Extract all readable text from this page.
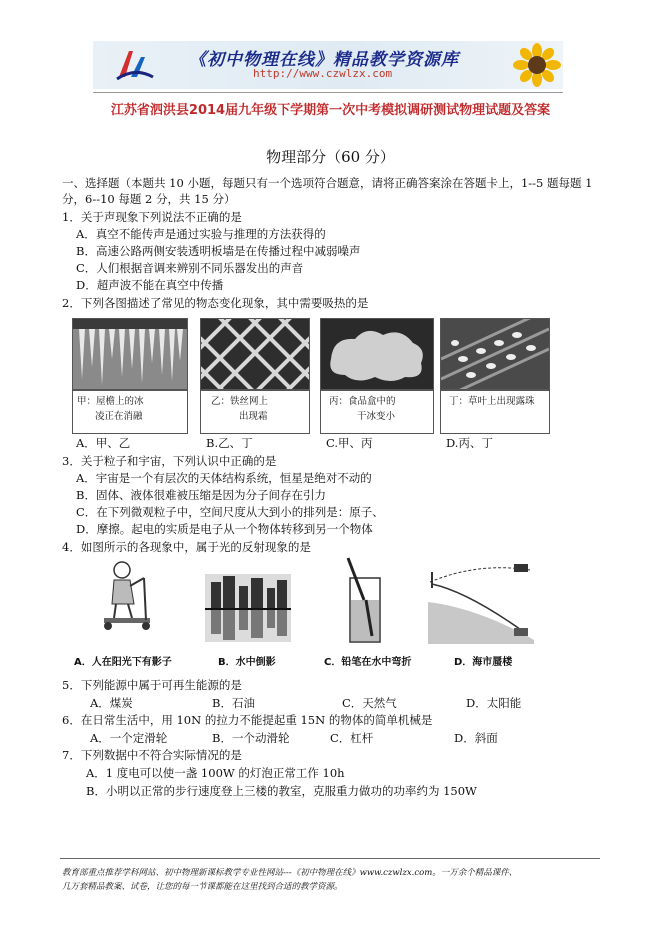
《初中物理在线》精品教学资源库
http://www.czwlzx.com
江苏省泗洪县2014届九年级下学期第一次中考模拟调研测试物理试题及答案
物理部分（60 分）
一、选择题（本题共 10 小题，每题只有一个选项符合题意，请将正确答案涂在答题卡上，1--5 题每题 1
分，6--10 每题 2 分，共 15 分）
1．关于声现象下列说法不正确的是
A．真空不能传声是通过实验与推理的方法获得的
B．高速公路两侧安装透明板墙是在传播过程中减弱噪声
C．人们根据音调来辨别不同乐器发出的声音
D．超声波不能在真空中传播
2．下列各图描述了常见的物态变化现象，其中需要吸热的是
甲：屋檐上的冰
凌正在消融
乙：铁丝网上
出现霜
丙：食品盒中的
干冰变小
丁：草叶上出现露珠
A．甲、乙	B.乙、丁	C.甲、丙	D.丙、丁
3．关于粒子和宇宙，下列认识中正确的是
A．宇宙是一个有层次的天体结构系统，恒星是绝对不动的
B．固体、液体很难被压缩是因为分子间存在引力
C．在下列微观粒子中，空间尺度从大到小的排列是：原子、
D．摩擦。起电的实质是电子从一个物体转移到另一个物体
4．如图所示的各现象中，属于光的反射现象的是
A．人在阳光下有影子	B．水中倒影	C．铅笔在水中弯折	D．海市蜃楼
5．下列能源中属于可再生能源的是
A．煤炭	B．石油	C．天然气	D．太阳能
6．在日常生活中，用 10N 的拉力不能提起重 15N 的物体的简单机械是
A．一个定滑轮	B．一个动滑轮	C．杠杆	D．斜面
7．下列数据中不符合实际情况的是
A．1 度电可以使一盏 100W 的灯泡正常工作 10h
B．小明以正常的步行速度登上三楼的教室，克服重力做功的功率约为 150W
教育部重点推荐学科网站、初中物理新课标教学专业性网站---《初中物理在线》www.czwlzx.com。一万余个精品课件、
几万套精品教案、试卷，让您的每一节课都能在这里找到合适的教学资源。
